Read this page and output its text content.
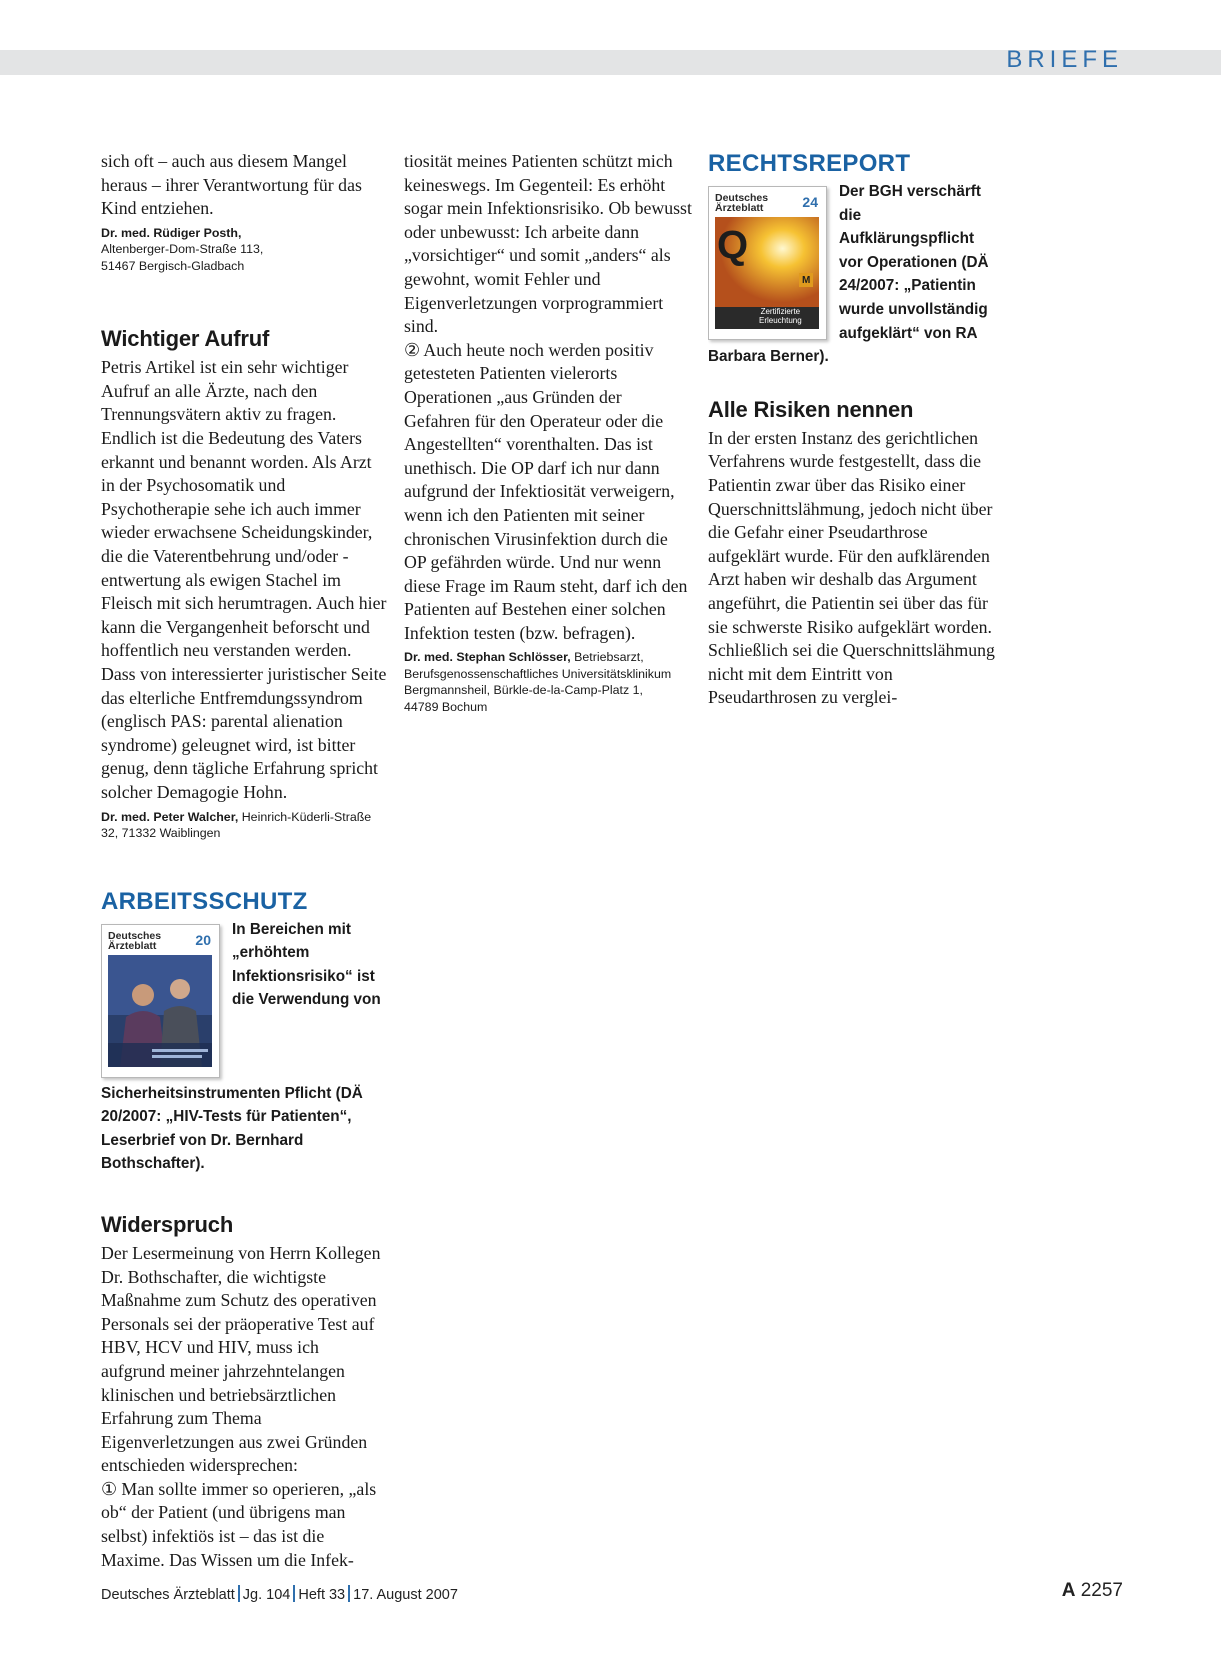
BRIEFE

sich oft – auch aus diesem Mangel heraus – ihrer Verantwortung für das Kind entziehen.

Dr. med. Rüdiger Posth,
Altenberger-Dom-Straße 113,
51467 Bergisch-Gladbach

Wichtiger Aufruf

Petris Artikel ist ein sehr wichtiger Aufruf an alle Ärzte, nach den Trennungsvätern aktiv zu fragen. Endlich ist die Bedeutung des Vaters erkannt und benannt worden. Als Arzt in der Psychosomatik und Psychotherapie sehe ich auch immer wieder erwachsene Scheidungskinder, die die Vaterentbehrung und/oder -entwertung als ewigen Stachel im Fleisch mit sich herumtragen. Auch hier kann die Vergangenheit beforscht und hoffentlich neu verstanden werden. Dass von interessierter juristischer Seite das elterliche Entfremdungssyndrom (englisch PAS: parental alienation syndrome) geleugnet wird, ist bitter genug, denn tägliche Erfahrung spricht solcher Demagogie Hohn.

Dr. med. Peter Walcher, Heinrich-Küderli-Straße 32, 71332 Waiblingen

ARBEITSSCHUTZ
Deutsches
Ärzteblatt	20

In Bereichen mit „erhöhtem Infektionsrisiko“ ist die Verwendung von Sicherheitsinstrumenten Pflicht (DÄ 20/2007: „HIV-Tests für Patienten“, Leserbrief von Dr. Bernhard Bothschafter).

Widerspruch

Der Lesermeinung von Herrn Kollegen Dr. Bothschafter, die wichtigste Maßnahme zum Schutz des operativen Personals sei der präoperative Test auf HBV, HCV und HIV, muss ich aufgrund meiner jahrzehntelangen klinischen und betriebsärztlichen Erfahrung zum Thema Eigenverletzungen aus zwei Gründen entschieden widersprechen:

① Man sollte immer so operieren, „als ob“ der Patient (und übrigens man selbst) infektiös ist – das ist die Maxime. Das Wissen um die Infek-

tiosität meines Patienten schützt mich keineswegs. Im Gegenteil: Es erhöht sogar mein Infektionsrisiko. Ob bewusst oder unbewusst: Ich arbeite dann „vorsichtiger“ und somit „anders“ als gewohnt, womit Fehler und Eigenverletzungen vorprogrammiert sind.

② Auch heute noch werden positiv getesteten Patienten vielerorts Operationen „aus Gründen der Gefahren für den Operateur oder die Angestellten“ vorenthalten. Das ist unethisch. Die OP darf ich nur dann aufgrund der Infektiosität verweigern, wenn ich den Patienten mit seiner chronischen Virusinfektion durch die OP gefährden würde. Und nur wenn diese Frage im Raum steht, darf ich den Patienten auf Bestehen einer solchen Infektion testen (bzw. befragen).

Dr. med. Stephan Schlösser, Betriebsarzt,
Berufsgenossenschaftliches Universitätsklinikum
Bergmannsheil, Bürkle-de-la-Camp-Platz 1,
44789 Bochum

RECHTSREPORT
Deutsches
Ärzteblatt	24
Q
M
Zertifizierte
Erleuchtung

Der BGH verschärft die Aufklärungspflicht vor Operationen (DÄ 24/2007: „Patientin wurde unvollständig aufgeklärt“ von RA Barbara Berner).

Alle Risiken nennen

In der ersten Instanz des gerichtlichen Verfahrens wurde festgestellt, dass die Patientin zwar über das Risiko einer Querschnittslähmung, jedoch nicht über die Gefahr einer Pseudarthrose aufgeklärt wurde. Für den aufklärenden Arzt haben wir deshalb das Argument angeführt, die Patientin sei über das für sie schwerste Risiko aufgeklärt worden. Schließlich sei die Querschnittslähmung nicht mit dem Eintritt von Pseudarthrosen zu verglei-

Deutsches Ärzteblatt Jg. 104 Heft 33 17. August 2007	A 2257
